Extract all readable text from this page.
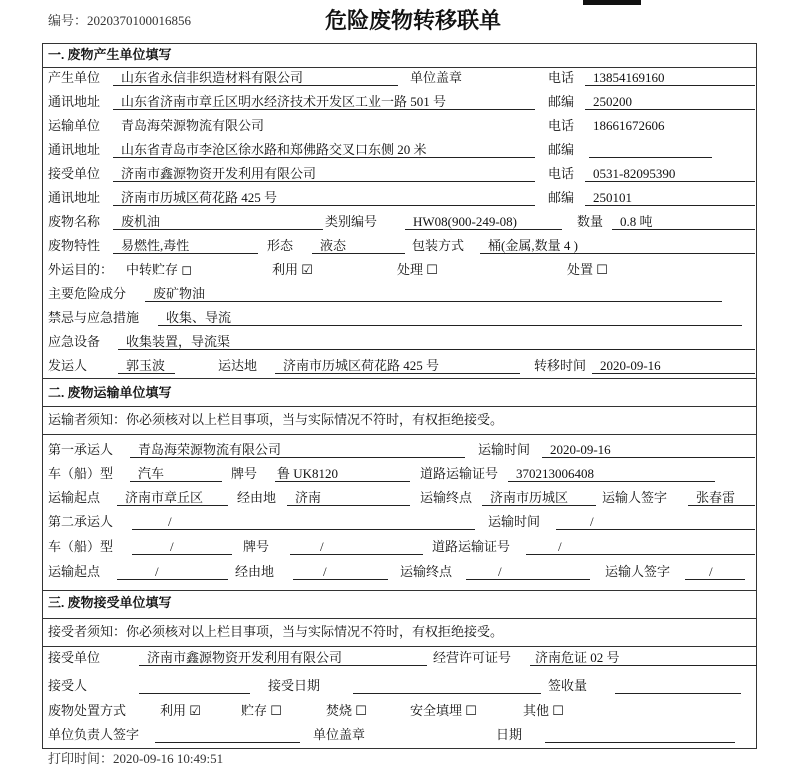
编号：2020370100016856	危险废物转移联单
一. 废物产生单位填写
产生单位	山东省永信非织造材料有限公司	单位盖章	电话	13854169160
通讯地址	山东省济南市章丘区明水经济技术开发区工业一路 501 号	邮编	250200
运输单位	青岛海荣源物流有限公司	电话	18661672606
通讯地址	山东省青岛市李沧区徐水路和郑佛路交叉口东侧 20 米	邮编
接受单位	济南市鑫源物资开发利用有限公司	电话	0531-82095390
通讯地址	济南市历城区荷花路 425 号	邮编	250101
废物名称	废机油	类别编号	HW08(900-249-08)	数量	0.8 吨
废物特性	易燃性,毒性	形态	液态	包装方式	桶(金属,数量 4 )
外运目的： 中转贮存 ◻	利用 ☑	处理 ☐	处置 ☐
主要危险成分	废矿物油
禁忌与应急措施	收集、导流
应急设备	收集装置，导流渠
发运人	郭玉波	运达地	济南市历城区荷花路 425 号	转移时间	2020-09-16
二. 废物运输单位填写
运输者须知：你必须核对以上栏目事项，当与实际情况不符时，有权拒绝接受。
第一承运人	青岛海荣源物流有限公司	运输时间	2020-09-16
车（船）型	汽车	牌号 鲁 UK8120	道路运输证号	370213006408
运输起点	济南市章丘区	经由地	济南	运输终点	济南市历城区	运输人签字	张春雷
第二承运人	/	运输时间	/
车（船）型	/	牌号	/	道路运输证号	/
运输起点	/	经由地	/	运输终点	/	运输人签字	/
三. 废物接受单位填写
接受者须知：你必须核对以上栏目事项，当与实际情况不符时，有权拒绝接受。
接受单位	济南市鑫源物资开发利用有限公司	经营许可证号	济南危证 02 号
接受人	接受日期	签收量
废物处置方式	利用 ☑	贮存 ☐	焚烧 ☐	安全填埋 ☐	其他 ☐
单位负责人签字	单位盖章	日期
打印时间：2020-09-16 10:49:51
